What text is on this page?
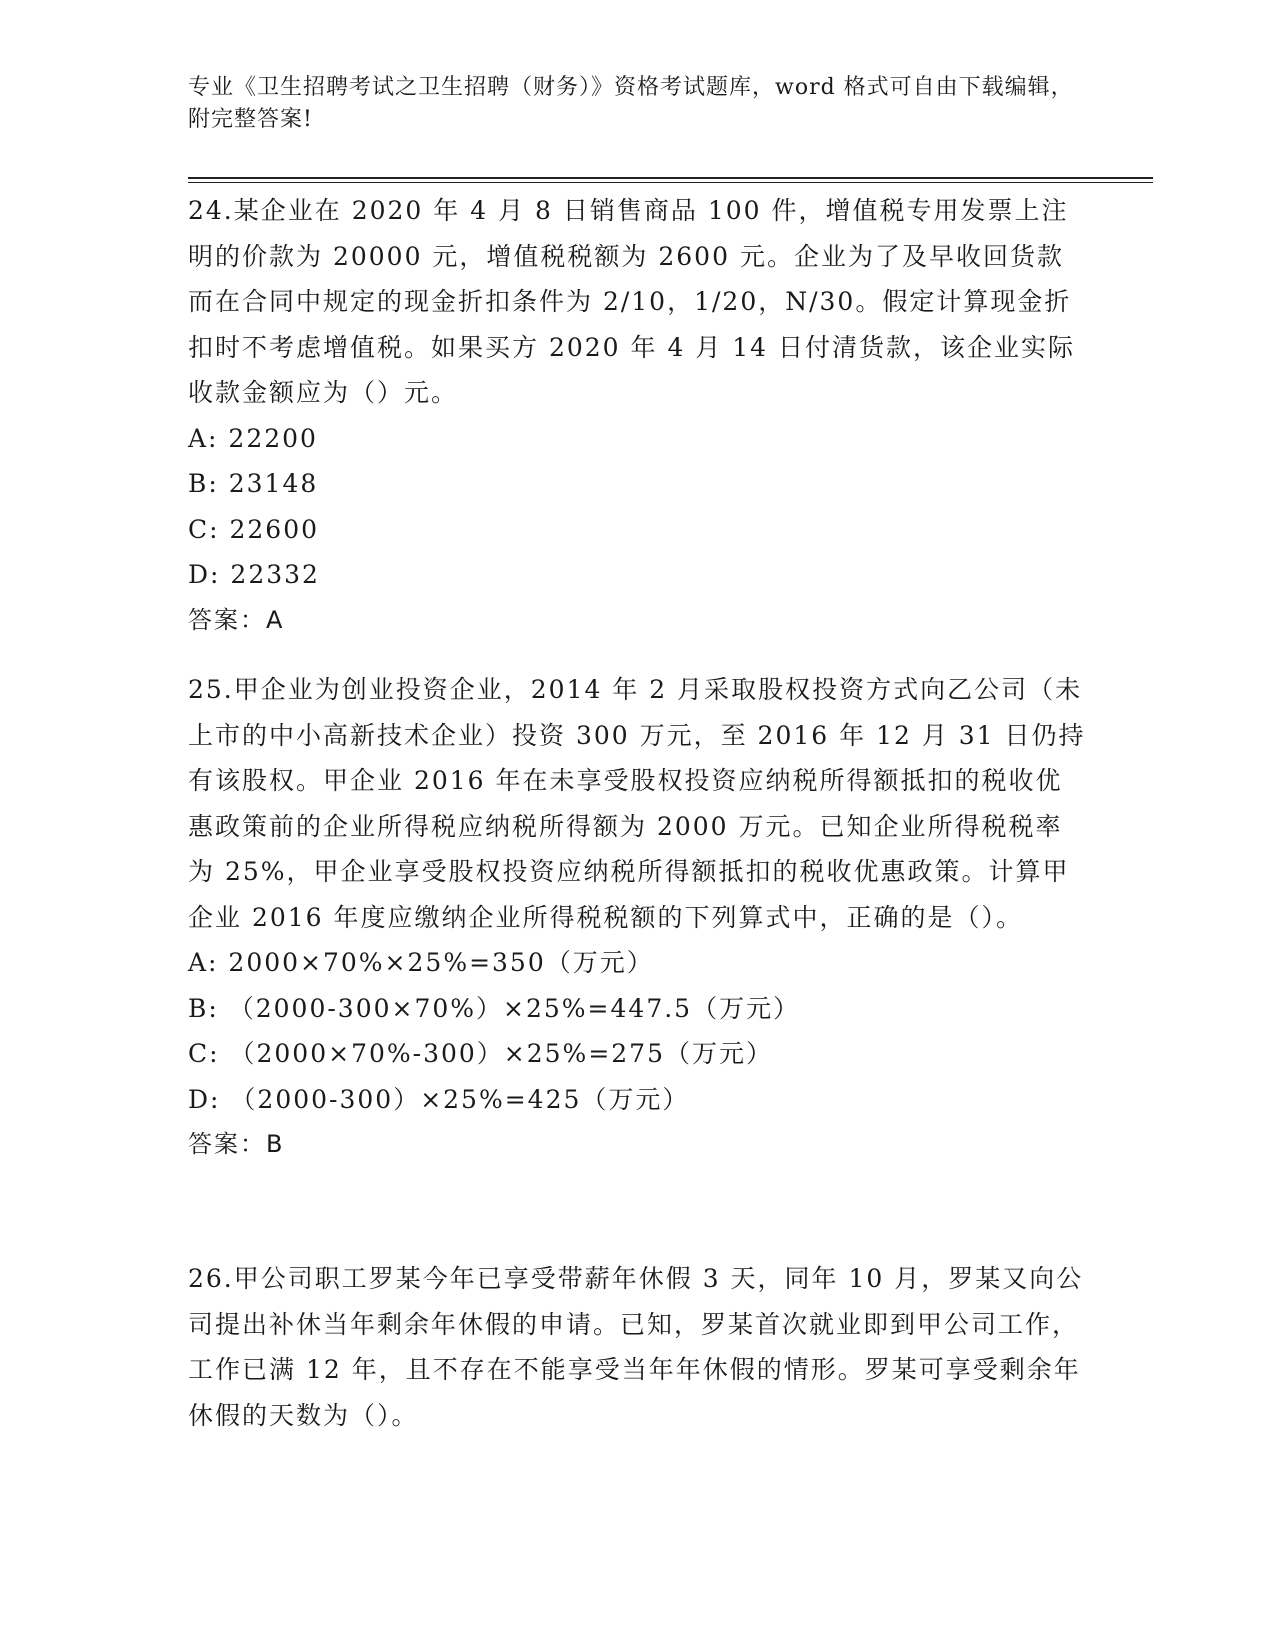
专业《卫生招聘考试之卫生招聘（财务）》资格考试题库，word 格式可自由下载编辑，附完整答案!
24.某企业在 2020 年 4 月 8 日销售商品 100 件，增值税专用发票上注明的价款为 20000 元，增值税税额为 2600 元。企业为了及早收回货款而在合同中规定的现金折扣条件为 2/10，1/20，N/30。假定计算现金折扣时不考虑增值税。如果买方 2020 年 4 月 14 日付清货款，该企业实际收款金额应为（）元。
A: 22200
B: 23148
C: 22600
D: 22332
答案：A
25.甲企业为创业投资企业，2014 年 2 月采取股权投资方式向乙公司（未上市的中小高新技术企业）投资 300 万元，至 2016 年 12 月 31 日仍持有该股权。甲企业 2016 年在未享受股权投资应纳税所得额抵扣的税收优惠政策前的企业所得税应纳税所得额为 2000 万元。已知企业所得税税率为 25%，甲企业享受股权投资应纳税所得额抵扣的税收优惠政策。计算甲企业 2016 年度应缴纳企业所得税税额的下列算式中，正确的是（）。
A: 2000×70%×25%=350（万元）
B: （2000-300×70%）×25%=447.5（万元）
C: （2000×70%-300）×25%=275（万元）
D: （2000-300）×25%=425（万元）
答案：B
26.甲公司职工罗某今年已享受带薪年休假 3 天，同年 10 月，罗某又向公司提出补休当年剩余年休假的申请。已知，罗某首次就业即到甲公司工作，工作已满 12 年，且不存在不能享受当年年休假的情形。罗某可享受剩余年休假的天数为（）。
